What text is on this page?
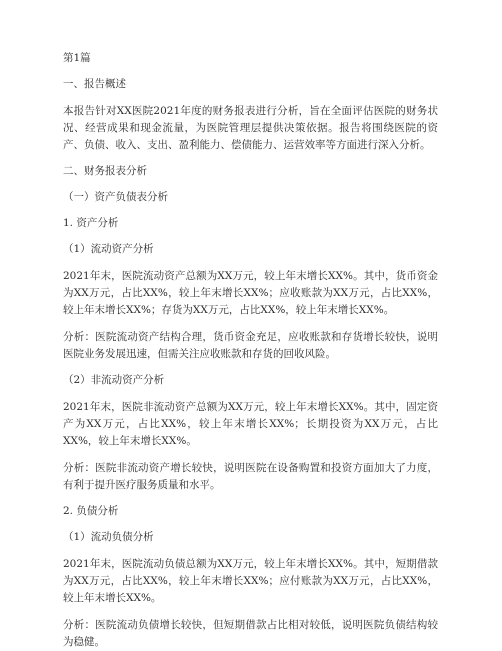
第1篇

一、报告概述

本报告针对XX医院2021年度的财务报表进行分析，旨在全面评估医院的财务状况、经营成果和现金流量，为医院管理层提供决策依据。报告将围绕医院的资产、负债、收入、支出、盈利能力、偿债能力、运营效率等方面进行深入分析。

二、财务报表分析

（一）资产负债表分析

1. 资产分析

（1）流动资产分析

2021年末，医院流动资产总额为XX万元，较上年末增长XX%。其中，货币资金为XX万元，占比XX%，较上年末增长XX%；应收账款为XX万元，占比XX%，较上年末增长XX%；存货为XX万元，占比XX%，较上年末增长XX%。

分析：医院流动资产结构合理，货币资金充足，应收账款和存货增长较快，说明医院业务发展迅速，但需关注应收账款和存货的回收风险。

（2）非流动资产分析

2021年末，医院非流动资产总额为XX万元，较上年末增长XX%。其中，固定资产为XX万元，占比XX%，较上年末增长XX%；长期投资为XX万元，占比XX%，较上年末增长XX%。

分析：医院非流动资产增长较快，说明医院在设备购置和投资方面加大了力度，有利于提升医疗服务质量和水平。

2. 负债分析

（1）流动负债分析

2021年末，医院流动负债总额为XX万元，较上年末增长XX%。其中，短期借款为XX万元，占比XX%，较上年末增长XX%；应付账款为XX万元，占比XX%，较上年末增长XX%。

分析：医院流动负债增长较快，但短期借款占比相对较低，说明医院负债结构较为稳健。
